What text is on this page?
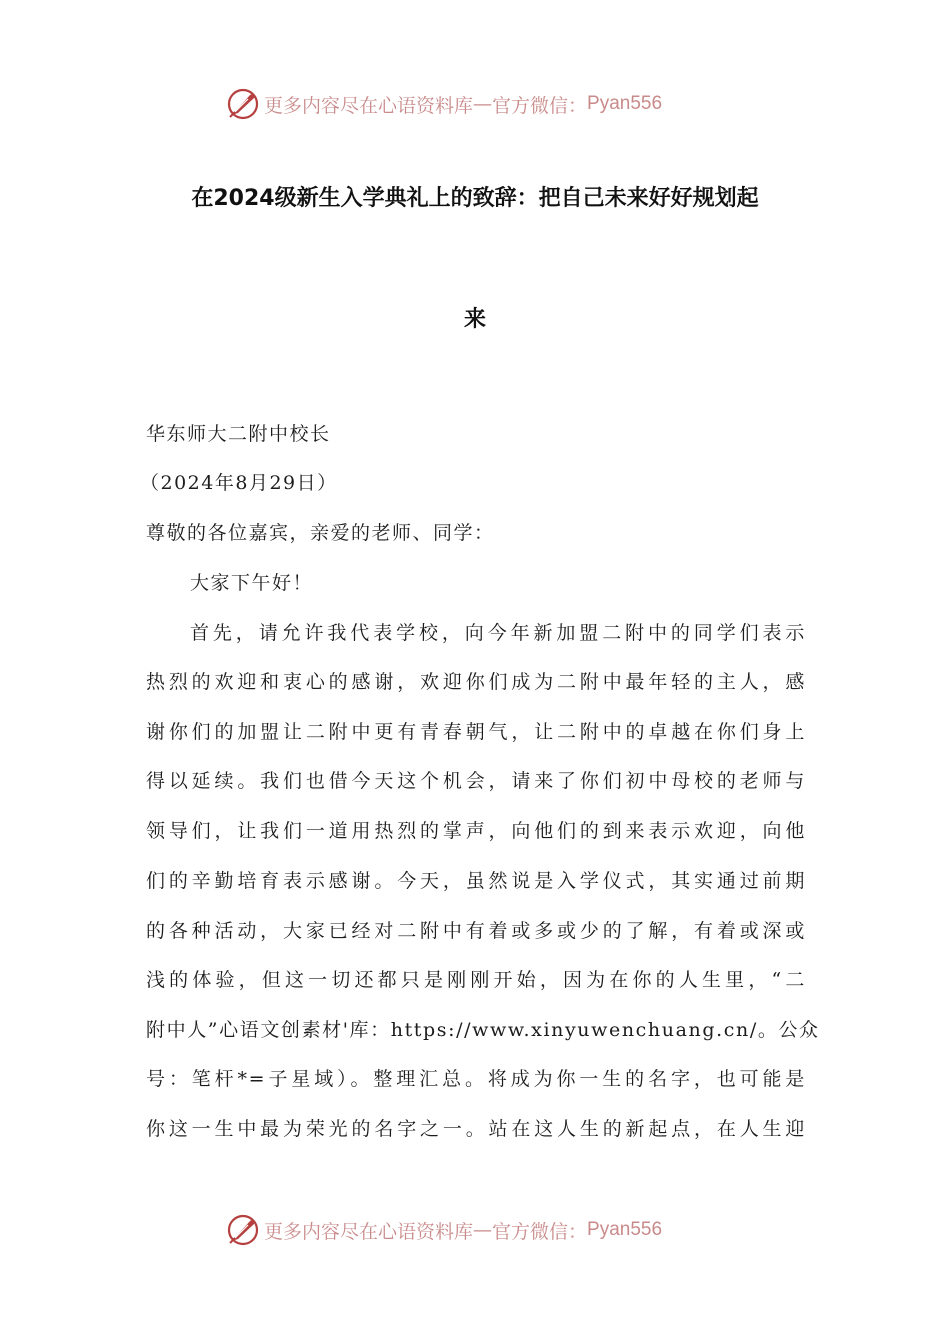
更多内容尽在心语资料库 — 官方微信： Pyan556
在2024级新生入学典礼上的致辞：把自己未来好好规划起
来
华东师大二附中校长
（2024年8月29日）
尊敬的各位嘉宾，亲爱的老师、同学：
大家下午好！
首先，请允许我代表学校，向今年新加盟二附中的同学们表示
热烈的欢迎和衷心的感谢，欢迎你们成为二附中最年轻的主人，感
谢你们的加盟让二附中更有青春朝气，让二附中的卓越在你们身上
得以延续。我们也借今天这个机会，请来了你们初中母校的老师与
领导们，让我们一道用热烈的掌声，向他们的到来表示欢迎，向他
们的辛勤培育表示感谢。今天，虽然说是入学仪式，其实通过前期
的各种活动，大家已经对二附中有着或多或少的了解，有着或深或
浅的体验，但这一切还都只是刚刚开始，因为在你的人生里，“二
附中人”心语文创素材'库：https://www.xinyuwenchuang.cn/。公众
号：笔杆*=子星域）。整理汇总。将成为你一生的名字，也可能是
你这一生中最为荣光的名字之一。站在这人生的新起点，在人生迎
更多内容尽在心语资料库 — 官方微信： Pyan556
